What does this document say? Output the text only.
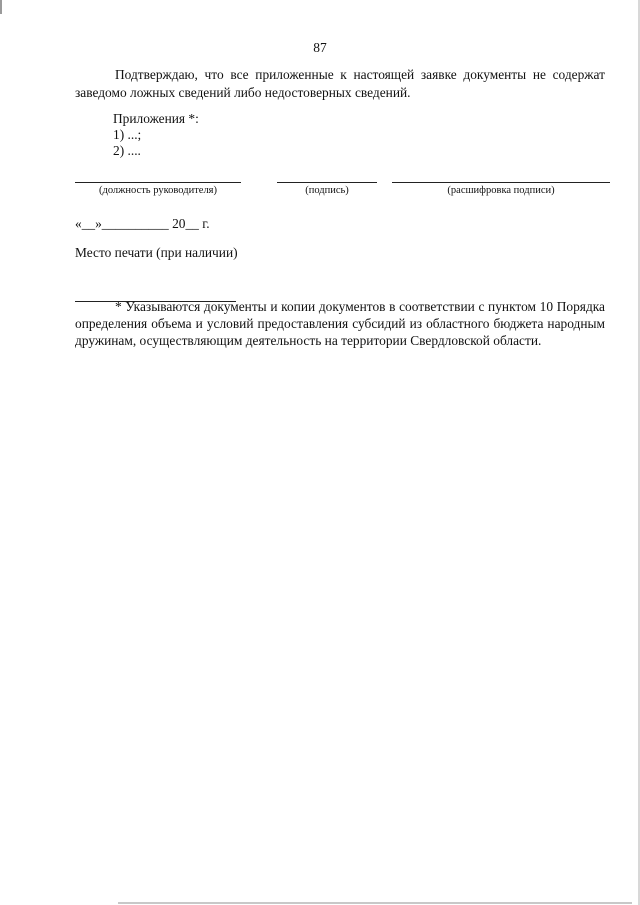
87
Подтверждаю, что все приложенные к настоящей заявке документы не содержат заведомо ложных сведений либо недостоверных сведений.
Приложения *:
1) ...;
2) ....
(должность руководителя)	(подпись)	(расшифровка подписи)
«__»__________ 20__ г.
Место печати (при наличии)
* Указываются документы и копии документов в соответствии с пунктом 10 Порядка определения объема и условий предоставления субсидий из областного бюджета народным дружинам, осуществляющим деятельность на территории Свердловской области.
